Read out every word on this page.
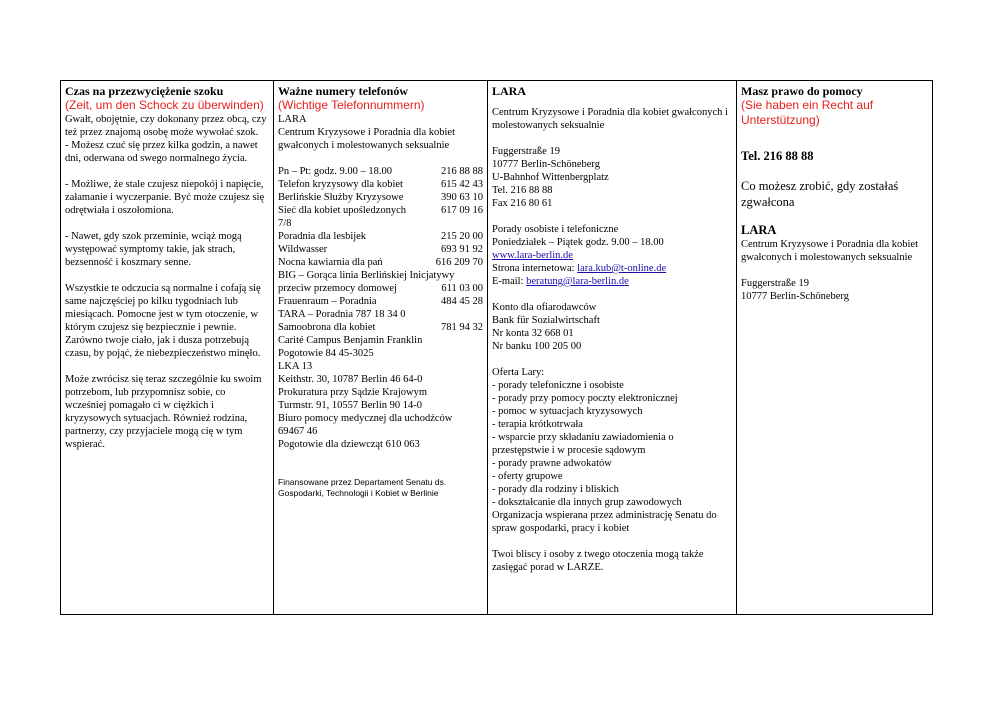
Czas na przezwyciężenie szoku
(Zeit, um den Schock zu überwinden)
Gwałt, obojętnie, czy dokonany przez obcą, czy też przez znajomą osobę może wywołać szok.
- Możesz czuć się przez kilka godzin, a nawet dni, oderwana od swego normalnego życia.
- Możliwe, że stale czujesz niepokój i napięcie, załamanie i wyczerpanie. Być może czujesz się odrętwiała i oszołomiona.
- Nawet, gdy szok przeminie, wciąż mogą występować symptomy takie, jak strach, bezsenność i koszmary senne.
Wszystkie te odczucia są normalne i cofają się same najczęściej po kilku tygodniach lub miesiącach. Pomocne jest w tym otoczenie, w którym czujesz się bezpiecznie i pewnie. Zarówno twoje ciało, jak i dusza potrzebują czasu, by pojąć, że niebezpieczeństwo minęło.
Może zwrócisz się teraz szczególnie ku swoim potrzebom, lub przypomnisz sobie, co wcześniej pomagało ci w ciężkich i kryzysowych sytuacjach. Również rodzina, partnerzy, czy przyjaciele mogą cię w tym wspierać.
Ważne numery telefonów
(Wichtige Telefonnummern)
LARA
Centrum Kryzysowe i Poradnia dla kobiet gwałconych i molestowanych seksualnie
Pn – Pt: godz. 9.00 – 18.00	216 88 88
Telefon kryzysowy dla kobiet	615 42 43
Berlińskie Służby Kryzysowe	390 63 10
Sieć dla kobiet upośledzonych	617 09 16
7/8
Poradnia dla lesbijek	215 20 00
Wildwasser	693 91 92
Nocna kawiarnia dla pań	616 209 70
BIG – Gorąca linia Berlińskiej Inicjatywy
przeciw przemocy domowej	611 03 00
Frauenraum – Poradnia	484 45 28
TARA – Poradnia 787 18 34 0
Samoobrona dla kobiet	781 94 32
Carité Campus Benjamin Franklin
Pogotowie 84 45-3025
LKA 13
Keithstr. 30, 10787 Berlin 46 64-0
Prokuratura przy Sądzie Krajowym
Turmstr. 91, 10557 Berlin 90 14-0
Biuro pomocy medycznej dla uchodźców
69467 46
Pogotowie dla dziewcząt 610 063
Finansowane przez Departament Senatu ds. Gospodarki, Technologii i Kobiet w Berlinie
LARA
Centrum Kryzysowe i Poradnia dla kobiet gwałconych i molestowanych seksualnie
Fuggerstraße 19
10777 Berlin-Schöneberg
U-Bahnhof Wittenbergplatz
Tel. 216 88 88
Fax 216 80 61
Porady osobiste i telefoniczne
Poniedziałek – Piątek godz. 9.00 – 18.00
www.lara-berlin.de
Strona internetowa: lara.kub@t-online.de
E-mail: beratung@lara-berlin.de
Konto dla ofiarodawców
Bank für Sozialwirtschaft
Nr konta 32 668 01
Nr banku 100 205 00
Oferta Lary:
- porady telefoniczne i osobiste
- porady przy pomocy poczty elektronicznej
- pomoc w sytuacjach kryzysowych
- terapia krótkotrwała
- wsparcie przy składaniu zawiadomienia o przestępstwie i w procesie sądowym
- porady prawne adwokatów
- oferty grupowe
- porady dla rodziny i bliskich
- dokształcanie dla innych grup zawodowych
Organizacja wspierana przez administrację Senatu do spraw gospodarki, pracy i kobiet
Twoi bliscy i osoby z twego otoczenia mogą także zasięgać porad w LARZE.
Masz prawo do pomocy
(Sie haben ein Recht auf Unterstützung)
Tel. 216 88 88
Co możesz zrobić, gdy zostałaś zgwałcona
LARA
Centrum Kryzysowe i Poradnia dla kobiet gwałconych i molestowanych seksualnie
Fuggerstraße 19
10777 Berlin-Schöneberg
